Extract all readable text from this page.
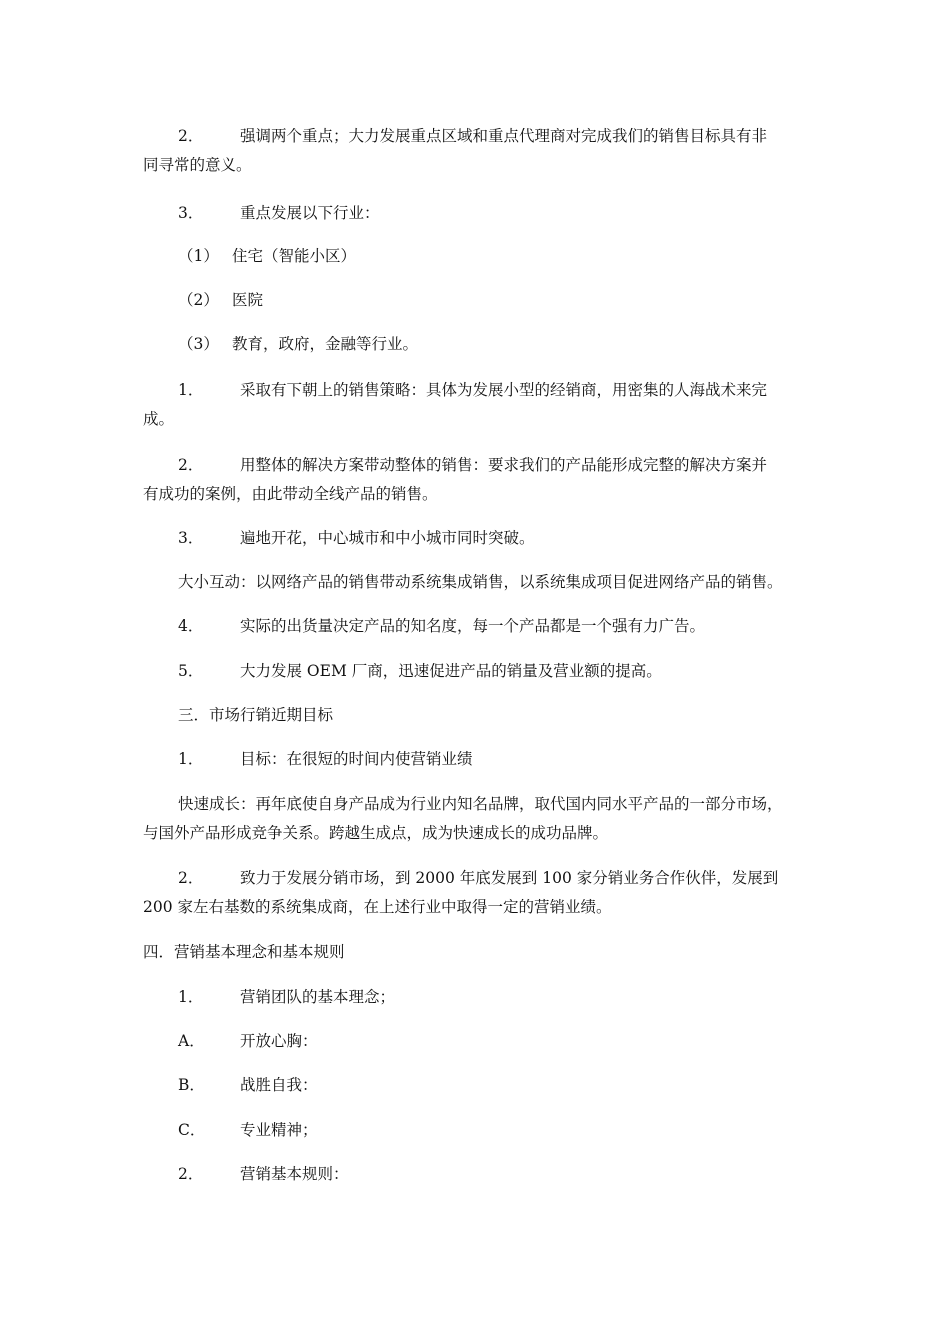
2． 强调两个重点；大力发展重点区域和重点代理商对完成我们的销售目标具有非
同寻常的意义。
3． 重点发展以下行业：
（1） 住宅（智能小区）
（2） 医院
（3） 教育，政府，金融等行业。
1． 采取有下朝上的销售策略：具体为发展小型的经销商，用密集的人海战术来完
成。
2． 用整体的解决方案带动整体的销售：要求我们的产品能形成完整的解决方案并
有成功的案例，由此带动全线产品的销售。
3． 遍地开花，中心城市和中小城市同时突破。
大小互动：以网络产品的销售带动系统集成销售，以系统集成项目促进网络产品的销售。
4． 实际的出货量决定产品的知名度，每一个产品都是一个强有力广告。
5． 大力发展 OEM 厂商，迅速促进产品的销量及营业额的提高。
三．市场行销近期目标
1． 目标：在很短的时间内使营销业绩
快速成长：再年底使自身产品成为行业内知名品牌，取代国内同水平产品的一部分市场，
与国外产品形成竞争关系。跨越生成点，成为快速成长的成功品牌。
2． 致力于发展分销市场，到 2000 年底发展到 100 家分销业务合作伙伴，发展到
200 家左右基数的系统集成商，在上述行业中取得一定的营销业绩。
四．营销基本理念和基本规则
1． 营销团队的基本理念；
A． 开放心胸：
B． 战胜自我：
C． 专业精神；
2． 营销基本规则：
